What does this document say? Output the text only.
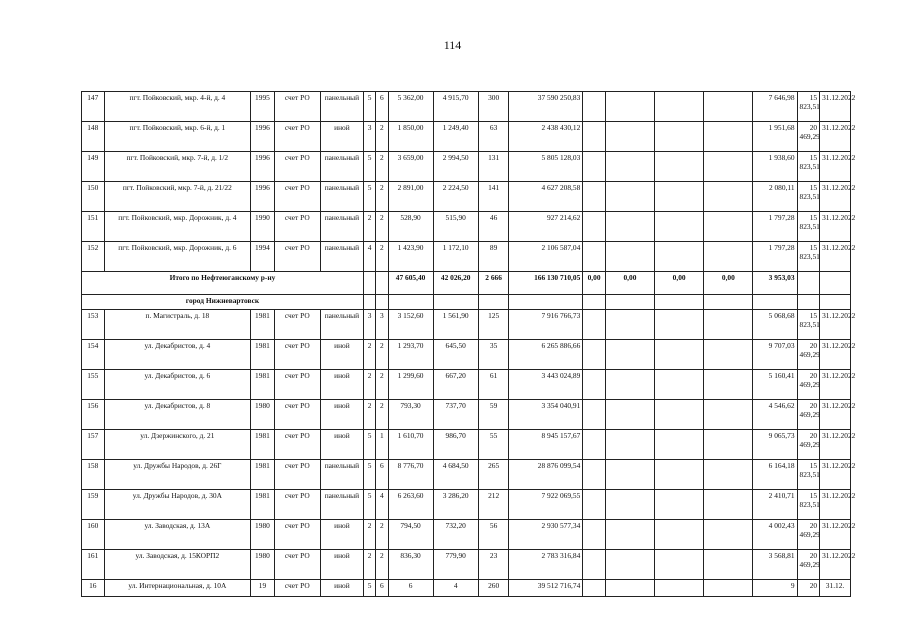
114
147	пгт. Пойковский, мкр. 4-й, д. 4	1995	счет РО	панельный	5	6	5 362,00	4 915,70	300	37 590 250,83					7 646,98	15 823,51	31.12.2022
148	пгт. Пойковский, мкр. 6-й, д. 1	1996	счет РО	иной	3	2	1 850,00	1 249,40	63	2 438 430,12					1 951,68	20 469,29	31.12.2022
149	пгт. Пойковский, мкр. 7-й, д. 1/2	1996	счет РО	панельный	5	2	3 659,00	2 994,50	131	5 805 128,03					1 938,60	15 823,51	31.12.2022
150	пгт. Пойковский, мкр. 7-й, д. 21/22	1996	счет РО	панельный	5	2	2 891,00	2 224,50	141	4 627 208,58					2 080,11	15 823,51	31.12.2022
151	пгт. Пойковский, мкр. Дорожник, д. 4	1990	счет РО	панельный	2	2	528,90	515,90	46	927 214,62					1 797,28	15 823,51	31.12.2022
152	пгт. Пойковский, мкр. Дорожник, д. 6	1994	счет РО	панельный	4	2	1 423,90	1 172,10	89	2 106 587,04					1 797,28	15 823,51	31.12.2022
Итого по Нефтеюганскому р-ну							47 605,40	42 026,20	2 666	166 130 710,05	0,00	0,00	0,00	0,00	3 953,03		
город Нижневартовск																	
153	п. Магистраль, д. 18	1981	счет РО	панельный	3	3	3 152,60	1 561,90	125	7 916 766,73					5 068,68	15 823,51	31.12.2022
154	ул. Декабристов, д. 4	1981	счет РО	иной	2	2	1 293,70	645,50	35	6 265 886,66					9 707,03	20 469,29	31.12.2022
155	ул. Декабристов, д. 6	1981	счет РО	иной	2	2	1 299,60	667,20	61	3 443 024,89					5 160,41	20 469,29	31.12.2022
156	ул. Декабристов, д. 8	1980	счет РО	иной	2	2	793,30	737,70	59	3 354 040,91					4 546,62	20 469,29	31.12.2022
157	ул. Дзержинского, д. 21	1981	счет РО	иной	5	1	1 610,70	986,70	55	8 945 157,67					9 065,73	20 469,29	31.12.2022
158	ул. Дружбы Народов, д. 26Г	1981	счет РО	панельный	5	6	8 776,70	4 684,50	265	28 876 099,54					6 164,18	15 823,51	31.12.2022
159	ул. Дружбы Народов, д. 30А	1981	счет РО	панельный	5	4	6 263,60	3 286,20	212	7 922 069,55					2 410,71	15 823,51	31.12.2022
160	ул. Заводская, д. 13А	1980	счет РО	иной	2	2	794,50	732,20	56	2 930 577,34					4 002,43	20 469,29	31.12.2022
161	ул. Заводская, д. 15КОРП2	1980	счет РО	иной	2	2	836,30	779,90	23	2 783 316,84					3 568,81	20 469,29	31.12.2022
16	ул. Интернациональная, д. 10А	19	счет РО	иной	5	6	6	4	260	39 512 716,74					9	20	31.12.
